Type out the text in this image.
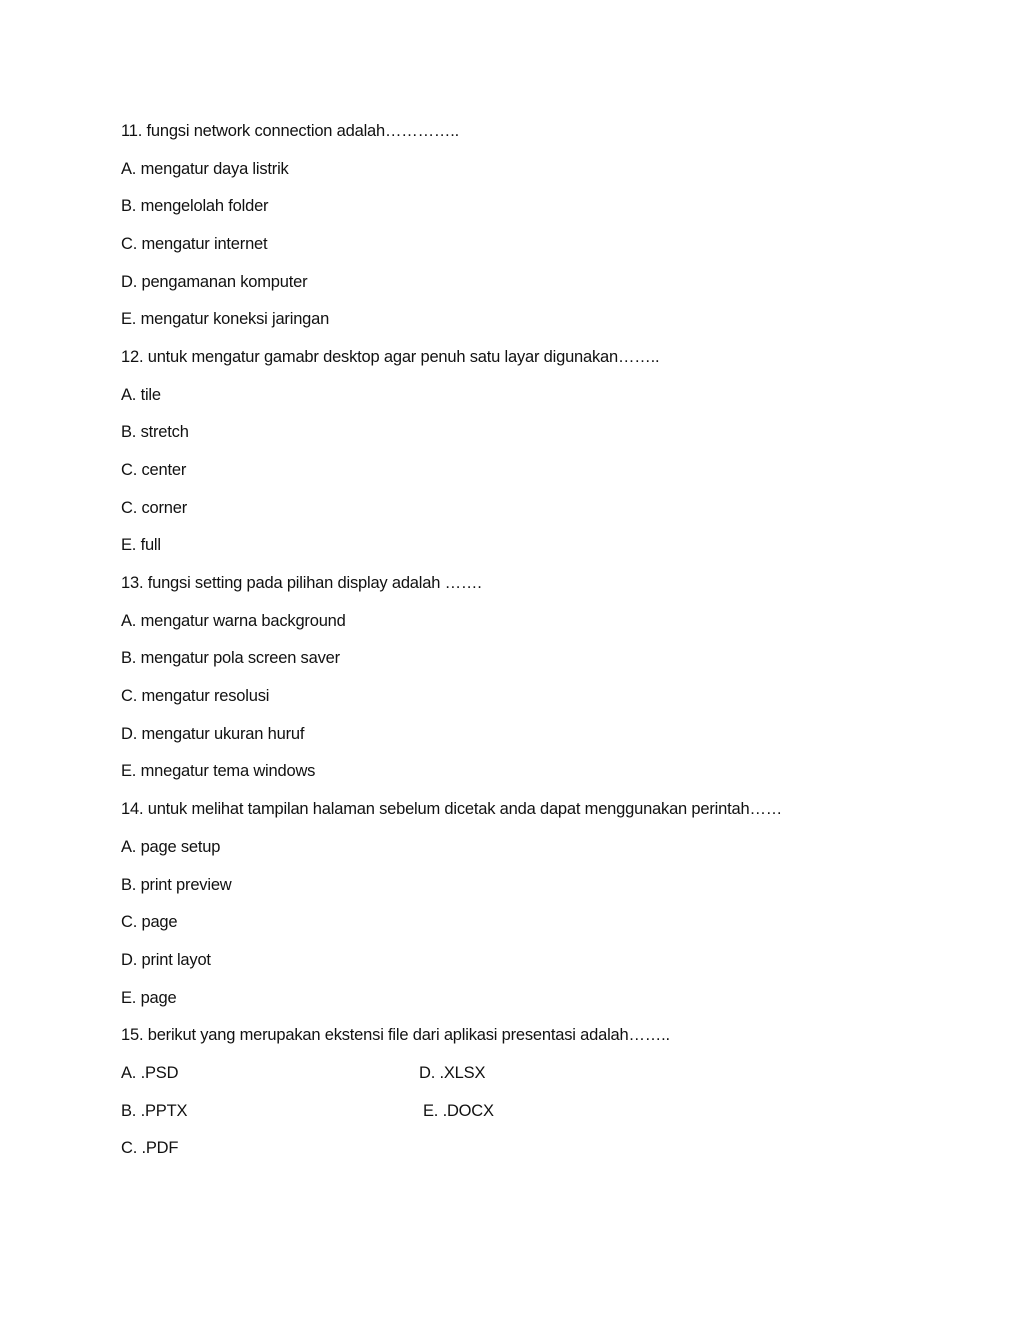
11. fungsi network connection adalah…………..
A. mengatur daya listrik
B. mengelolah folder
C. mengatur internet
D. pengamanan komputer
E. mengatur koneksi jaringan
12. untuk mengatur gamabr desktop agar penuh satu layar digunakan……..
A. tile
B. stretch
C. center
C. corner
E. full
13. fungsi setting pada pilihan display adalah …….
A. mengatur warna background
B. mengatur pola screen saver
C. mengatur resolusi
D. mengatur ukuran huruf
E. mnegatur tema windows
14. untuk melihat tampilan halaman sebelum dicetak anda dapat menggunakan perintah……
A. page setup
B. print preview
C. page
D. print layot
E. page
15. berikut yang merupakan ekstensi file dari aplikasi presentasi adalah……..
A. .PSD	D. .XLSX
B. .PPTX	E. .DOCX
C. .PDF
